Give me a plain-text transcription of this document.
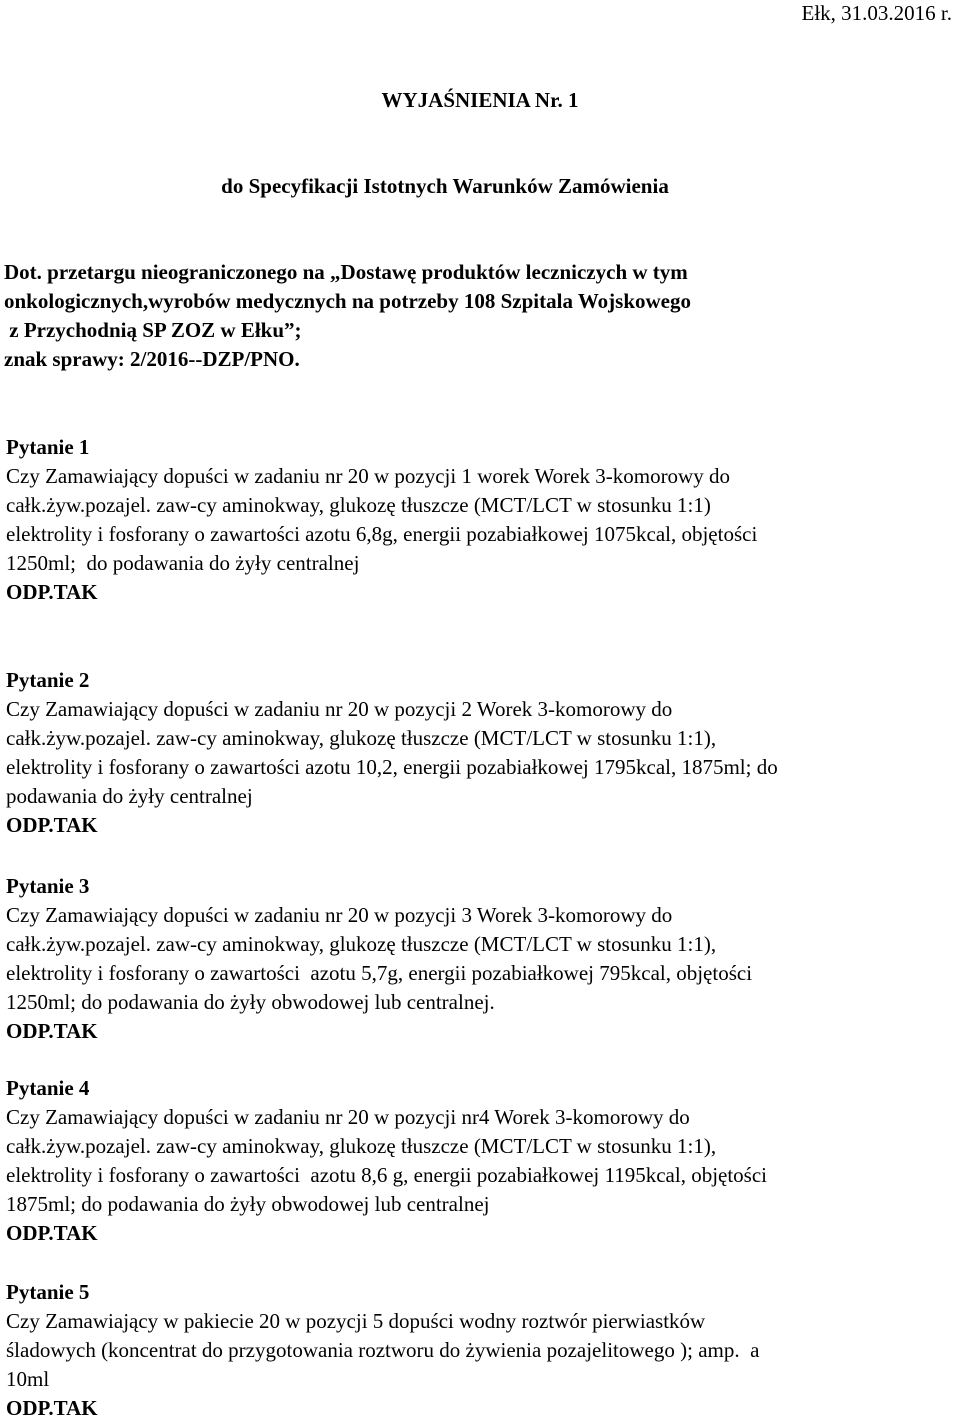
Ełk, 31.03.2016 r.
WYJAŚNIENIA Nr. 1
do Specyfikacji Istotnych Warunków Zamówienia
Dot. przetargu nieograniczonego na „Dostawę produktów leczniczych w tym
onkologicznych,wyrobów medycznych na potrzeby 108 Szpitala Wojskowego
z Przychodnią SP ZOZ w Ełku”;
znak sprawy: 2/2016--DZP/PNO.
Pytanie 1
Czy Zamawiający dopuści w zadaniu nr 20 w pozycji 1 worek Worek 3-komorowy do
całk.żyw.pozajel. zaw-cy aminokway, glukozę tłuszcze (MCT/LCT w stosunku 1:1)
elektrolity i fosforany o zawartości azotu 6,8g, energii pozabiałkowej 1075kcal, objętości
1250ml;  do podawania do żyły centralnej
ODP.TAK
Pytanie 2
Czy Zamawiający dopuści w zadaniu nr 20 w pozycji 2 Worek 3-komorowy do
całk.żyw.pozajel. zaw-cy aminokway, glukozę tłuszcze (MCT/LCT w stosunku 1:1),
elektrolity i fosforany o zawartości azotu 10,2, energii pozabiałkowej 1795kcal, 1875ml; do
podawania do żyły centralnej
ODP.TAK
Pytanie 3
Czy Zamawiający dopuści w zadaniu nr 20 w pozycji 3 Worek 3-komorowy do
całk.żyw.pozajel. zaw-cy aminokway, glukozę tłuszcze (MCT/LCT w stosunku 1:1),
elektrolity i fosforany o zawartości  azotu 5,7g, energii pozabiałkowej 795kcal, objętości
1250ml; do podawania do żyły obwodowej lub centralnej.
ODP.TAK
Pytanie 4
Czy Zamawiający dopuści w zadaniu nr 20 w pozycji nr4 Worek 3-komorowy do
całk.żyw.pozajel. zaw-cy aminokway, glukozę tłuszcze (MCT/LCT w stosunku 1:1),
elektrolity i fosforany o zawartości  azotu 8,6 g, energii pozabiałkowej 1195kcal, objętości
1875ml; do podawania do żyły obwodowej lub centralnej
ODP.TAK
Pytanie 5
Czy Zamawiający w pakiecie 20 w pozycji 5 dopuści wodny roztwór pierwiastków
śladowych (koncentrat do przygotowania roztworu do żywienia pozajelitowego ); amp.  a
10ml
ODP.TAK
